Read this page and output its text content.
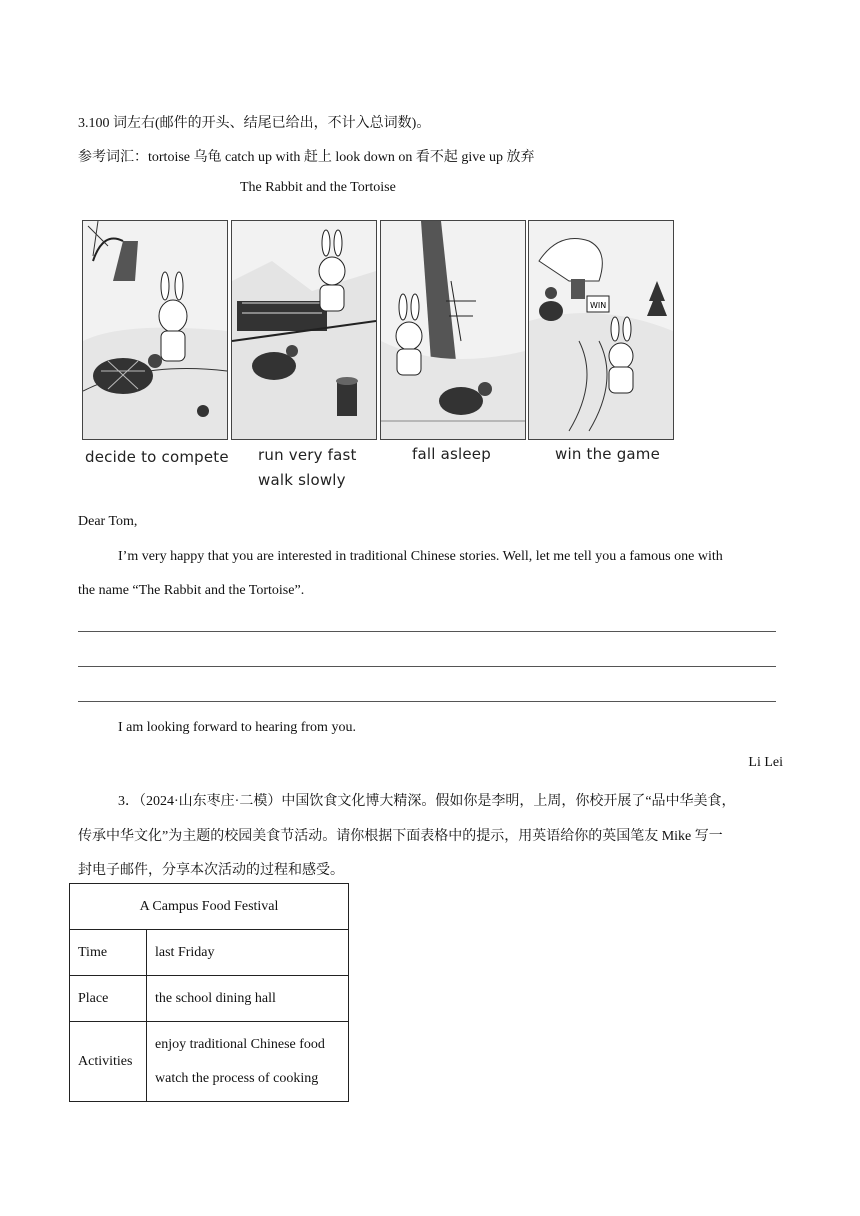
3.100 词左右(邮件的开头、结尾已给出，不计入总词数)。
参考词汇：tortoise 乌龟 catch up with 赶上 look down on 看不起 give up 放弃
The Rabbit and the Tortoise
WIN
decide to compete run very fast
walk slowly
fall asleep	win the game
Dear Tom,
I’m very happy that you are interested in traditional Chinese stories. Well, let me tell you a famous one with
the name “The Rabbit and the Tortoise”.
I am looking forward to hearing from you.
Li Lei
3．（2024·山东枣庄·二模）中国饮食文化博大精深。假如你是李明，上周，你校开展了“品中华美食，
传承中华文化”为主题的校园美食节活动。请你根据下面表格中的提示，用英语给你的英国笔友 Mike 写一
封电子邮件，分享本次活动的过程和感受。
A Campus Food Festival	
Time	last Friday
Place	the school dining hall
Activities	enjoy traditional Chinese food
watch the process of cooking
